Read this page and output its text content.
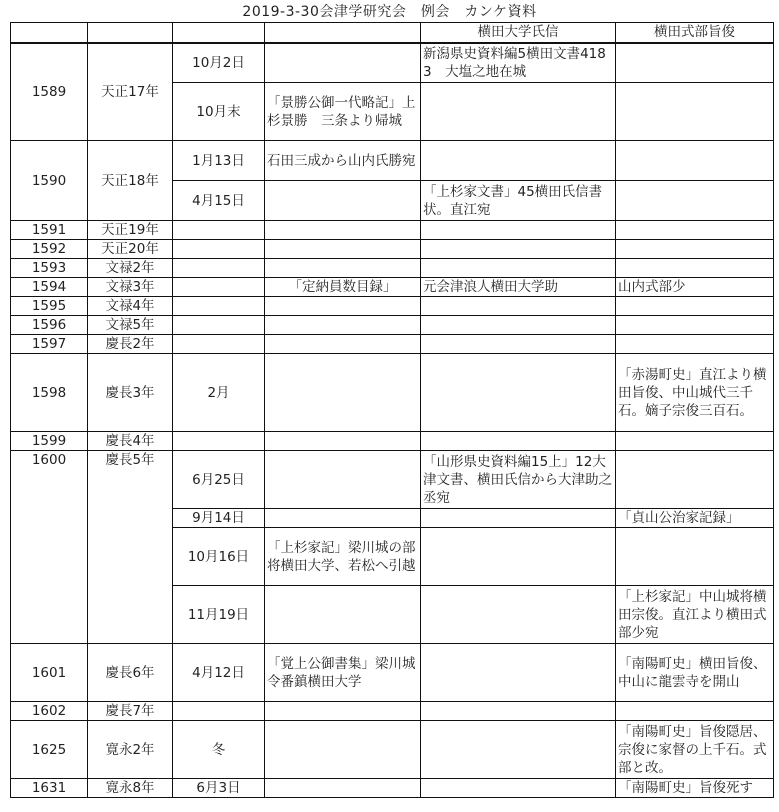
2019-3-30会津学研究会　例会　カンケ資料
				横田大学氏信	横田式部旨俊
1589	天正17年	10月2日		新潟県史資料編5横田文書4183　大塩之地在城	
		10月末	「景勝公御一代略記」上杉景勝　三条より帰城		
1590	天正18年	1月13日	石田三成から山内氏勝宛		
		4月15日		「上杉家文書」45横田氏信書状。直江宛	
1591	天正19年				
1592	天正20年				
1593	文禄2年				
1594	文禄3年		「定納員数目録」	元会津浪人横田大学助	山内式部少
1595	文禄4年				
1596	文禄5年				
1597	慶長2年				
1598	慶長3年	2月			「赤湯町史」直江より横田旨俊、中山城代三千石。嫡子宗俊三百石。
1599	慶長4年				
1600	慶長5年	6月25日		「山形県史資料編15上」12大津文書、横田氏信から大津助之丞宛	
		9月14日			「貞山公治家記録」
		10月16日	「上杉家記」梁川城の部将横田大学、若松へ引越		
		11月19日			「上杉家記」中山城将横田宗俊。直江より横田式部少宛
1601	慶長6年	4月12日	「覚上公御書集」梁川城令番鎮横田大学		「南陽町史」横田旨俊、中山に龍雲寺を開山
1602	慶長7年				
1625	寛永2年	冬			「南陽町史」旨俊隠居、宗俊に家督の上千石。式部と改。
1631	寛永8年	6月3日			「南陽町史」旨俊死す
